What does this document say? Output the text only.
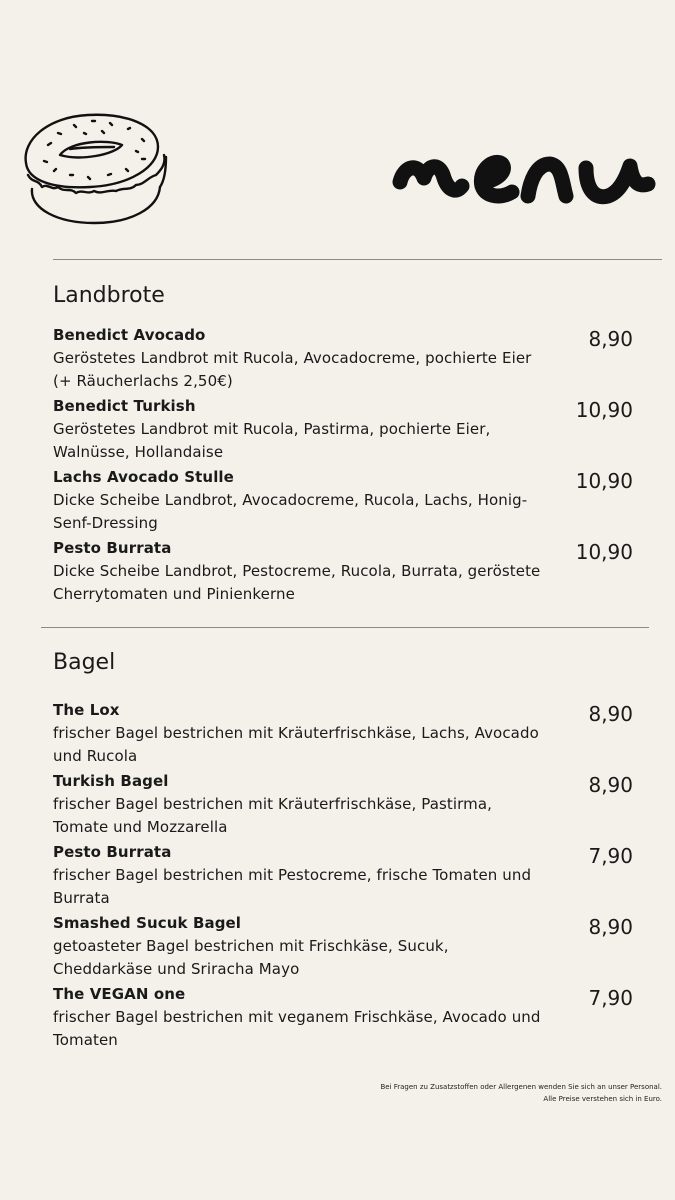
Landbrote
Benedict Avocado
Geröstetes Landbrot mit Rucola, Avocadocreme, pochierte Eier (+ Räucherlachs 2,50€)
8,90
Benedict Turkish
Geröstetes Landbrot mit Rucola, Pastirma, pochierte Eier, Walnüsse, Hollandaise
10,90
Lachs Avocado Stulle
Dicke Scheibe Landbrot, Avocadocreme, Rucola, Lachs, Honig-Senf-Dressing
10,90
Pesto Burrata
Dicke Scheibe Landbrot, Pestocreme, Rucola, Burrata, geröstete Cherrytomaten und Pinienkerne
10,90
Bagel
The Lox
frischer Bagel bestrichen mit Kräuterfrischkäse, Lachs, Avocado und Rucola
8,90
Turkish Bagel
frischer Bagel bestrichen mit Kräuterfrischkäse, Pastirma, Tomate und Mozzarella
8,90
Pesto Burrata
frischer Bagel bestrichen mit Pestocreme, frische Tomaten und Burrata
7,90
Smashed Sucuk Bagel
getoasteter Bagel bestrichen mit Frischkäse, Sucuk, Cheddarkäse und Sriracha Mayo
8,90
The VEGAN one
frischer Bagel bestrichen mit veganem Frischkäse, Avocado und Tomaten
7,90
Bei Fragen zu Zusatzstoffen oder Allergenen wenden Sie sich an unser Personal.
Alle Preise verstehen sich in Euro.
